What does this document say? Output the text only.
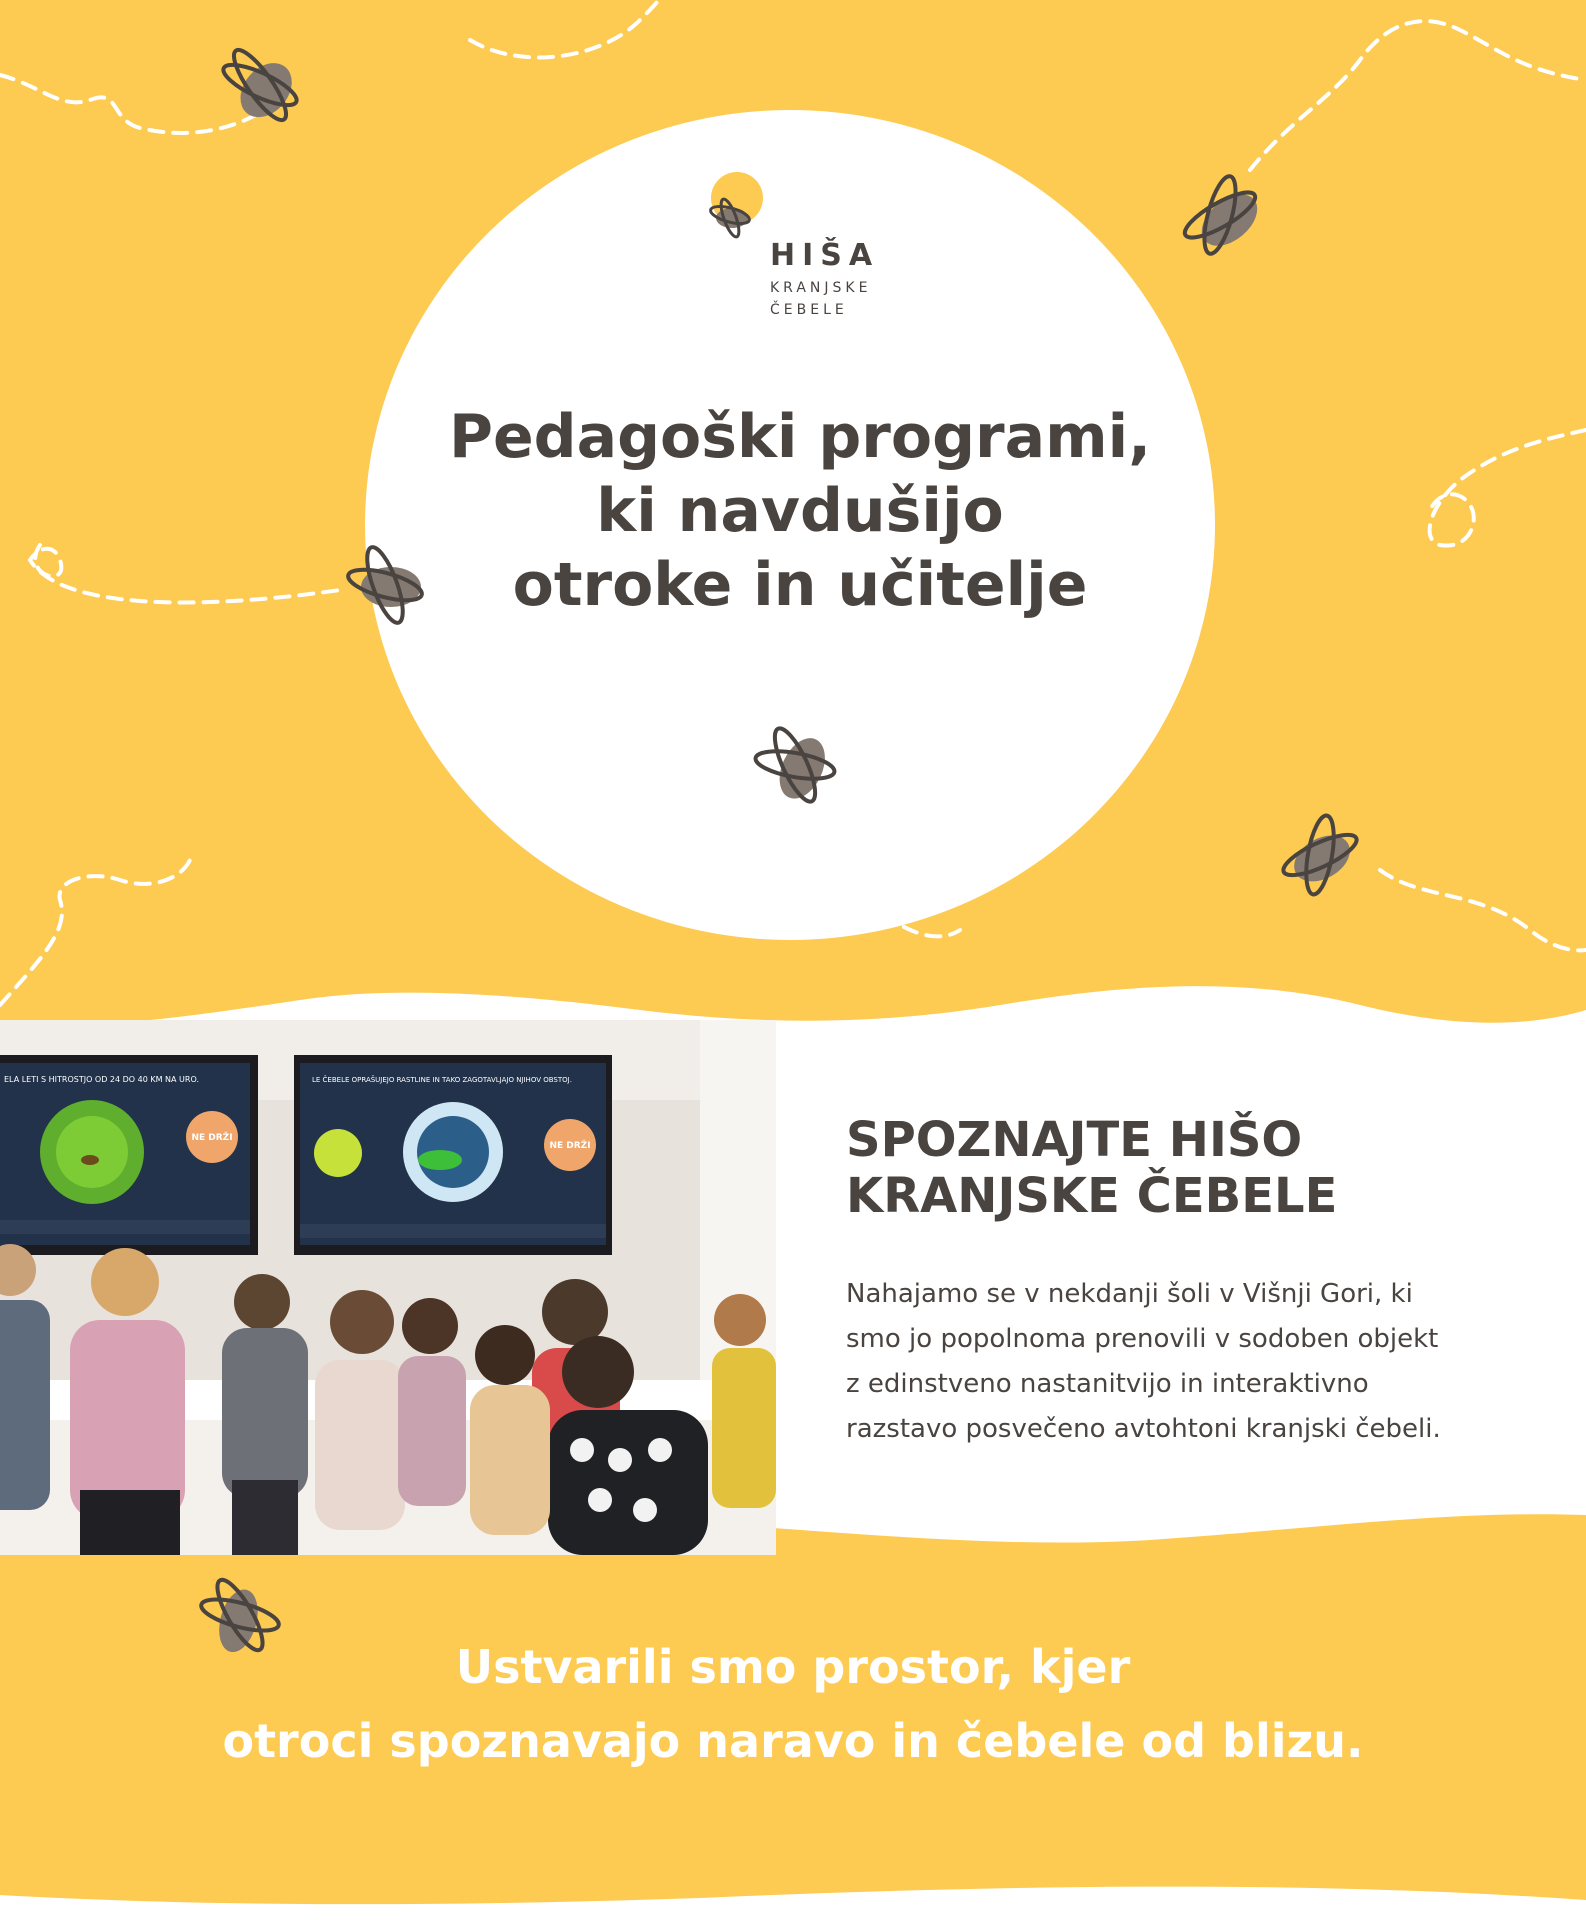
HIŠA
KRANJSKE
ČEBELE
Pedagoški programi,
ki navdušijo
otroke in učitelje
ELA LETI S HITROSTJO OD 24 DO 40 KM NA URO.
NE DRŽI
LE ČEBELE OPRAŠUJEJO RASTLINE IN TAKO ZAGOTAVLJAJO NJIHOV OBSTOJ.
NE DRŽI	SPOZNAJTE HIŠO
KRANJSKE ČEBELE

Nahajamo se v nekdanji šoli v Višnji Gori, ki
smo jo popolnoma prenovili v sodoben objekt
z edinstveno nastanitvijo in interaktivno
razstavo posvečeno avtohtoni kranjski čebeli.

Ustvarili smo prostor, kjer
otroci spoznavajo naravo in čebele od blizu.
